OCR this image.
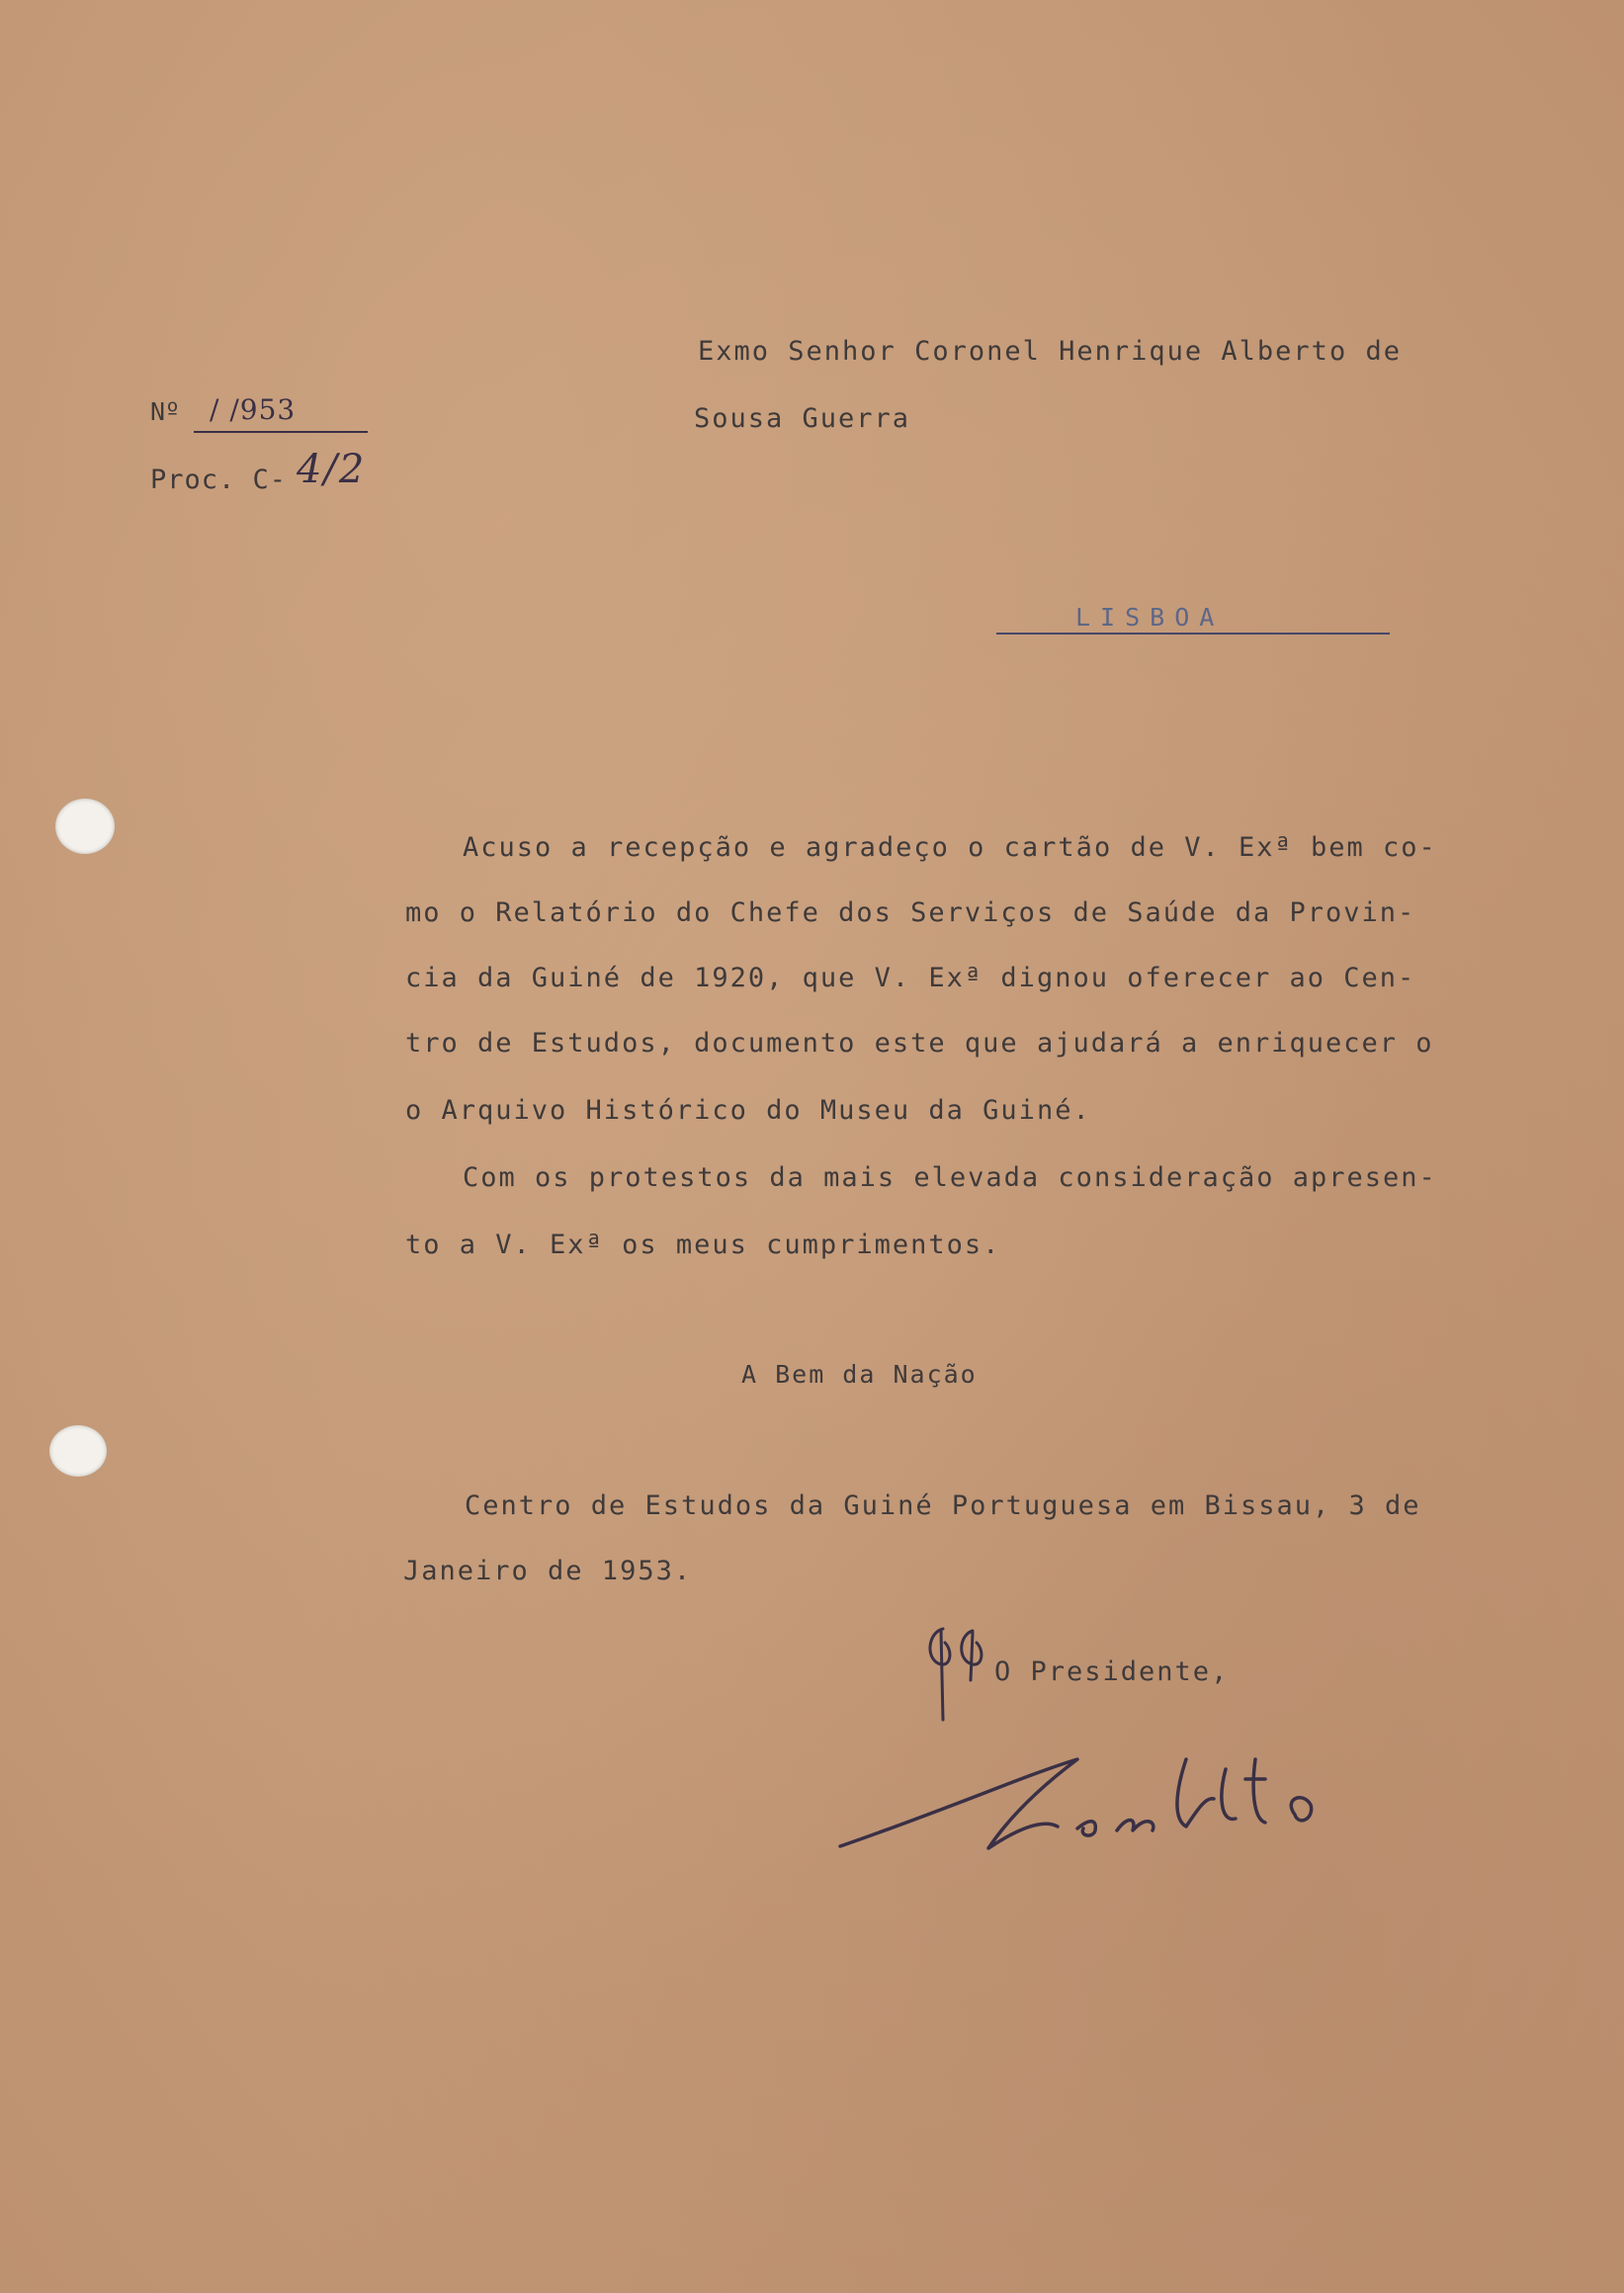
Nº / /953
Proc. C- 4/2
Exmo Senhor Coronel Henrique Alberto de
Sousa Guerra
LISBOA
Acuso a recepção e agradeço o cartão de V. Exª bem co-
mo o Relatório do Chefe dos Serviços de Saúde da Provin-
cia da Guiné de 1920, que V. Exª dignou oferecer ao Cen-
tro de Estudos, documento este que ajudará a enriquecer o
o Arquivo Histórico do Museu da Guiné.
Com os protestos da mais elevada consideração apresen-
to a V. Exª os meus cumprimentos.
A Bem da Nação
Centro de Estudos da Guiné Portuguesa em Bissau, 3 de
Janeiro de 1953.
O Presidente,
